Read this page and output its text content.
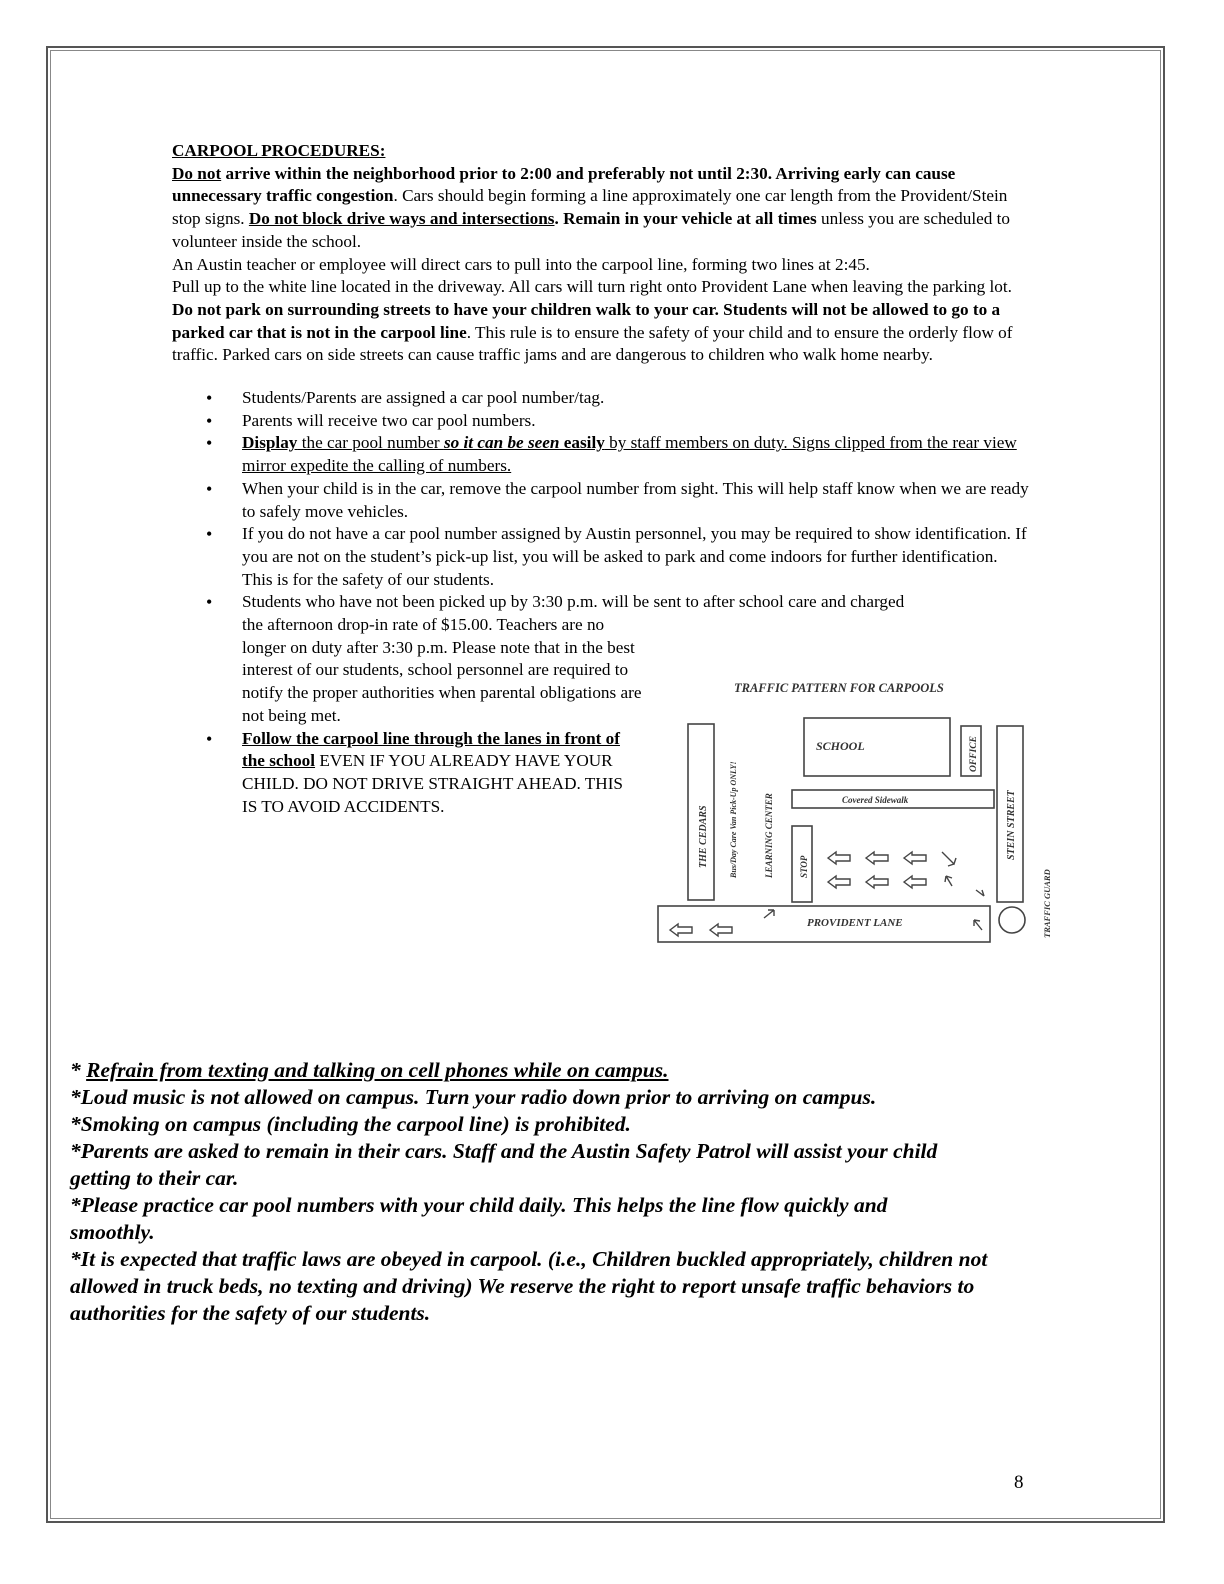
CARPOOL PROCEDURES:
Do not arrive within the neighborhood prior to 2:00 and preferably not until 2:30. Arriving early can cause unnecessary traffic congestion. Cars should begin forming a line approximately one car length from the Provident/Stein stop signs. Do not block drive ways and intersections. Remain in your vehicle at all times unless you are scheduled to volunteer inside the school.
An Austin teacher or employee will direct cars to pull into the carpool line, forming two lines at 2:45.
Pull up to the white line located in the driveway. All cars will turn right onto Provident Lane when leaving the parking lot. Do not park on surrounding streets to have your children walk to your car. Students will not be allowed to go to a parked car that is not in the carpool line. This rule is to ensure the safety of your child and to ensure the orderly flow of traffic. Parked cars on side streets can cause traffic jams and are dangerous to children who walk home nearby.
• Students/Parents are assigned a car pool number/tag.
• Parents will receive two car pool numbers.
• Display the car pool number so it can be seen easily by staff members on duty. Signs clipped from the rear view mirror expedite the calling of numbers.
• When your child is in the car, remove the carpool number from sight. This will help staff know when we are ready to safely move vehicles.
• If you do not have a car pool number assigned by Austin personnel, you may be required to show identification. If you are not on the student’s pick-up list, you will be asked to park and come indoors for further identification. This is for the safety of our students.
• Students who have not been picked up by 3:30 p.m. will be sent to after school care and charged
the afternoon drop-in rate of $15.00. Teachers are no longer on duty after 3:30 p.m. Please note that in the best interest of our students, school personnel are required to notify the proper authorities when parental obligations are not being met.
• Follow the carpool line through the lanes in front of the school EVEN IF YOU ALREADY HAVE YOUR CHILD. DO NOT DRIVE STRAIGHT AHEAD. THIS IS TO AVOID ACCIDENTS.
TRAFFIC PATTERN FOR CARPOOLS
SCHOOL	OFFICE
THE CEDARS	Bus/Day Care Van Pick-Up ONLY!	LEARNING CENTER	Covered Sidewalk
STOP
STEIN STREET
PROVIDENT LANE	TRAFFIC GUARD

* Refrain from texting and talking on cell phones while on campus.

*Loud music is not allowed on campus. Turn your radio down prior to arriving on campus.

*Smoking on campus (including the carpool line) is prohibited.

*Parents are asked to remain in their cars. Staff and the Austin Safety Patrol will assist your child getting to their car.

*Please practice car pool numbers with your child daily. This helps the line flow quickly and smoothly.

*It is expected that traffic laws are obeyed in carpool. (i.e., Children buckled appropriately, children not allowed in truck beds, no texting and driving) We reserve the right to report unsafe traffic behaviors to authorities for the safety of our students.

8
